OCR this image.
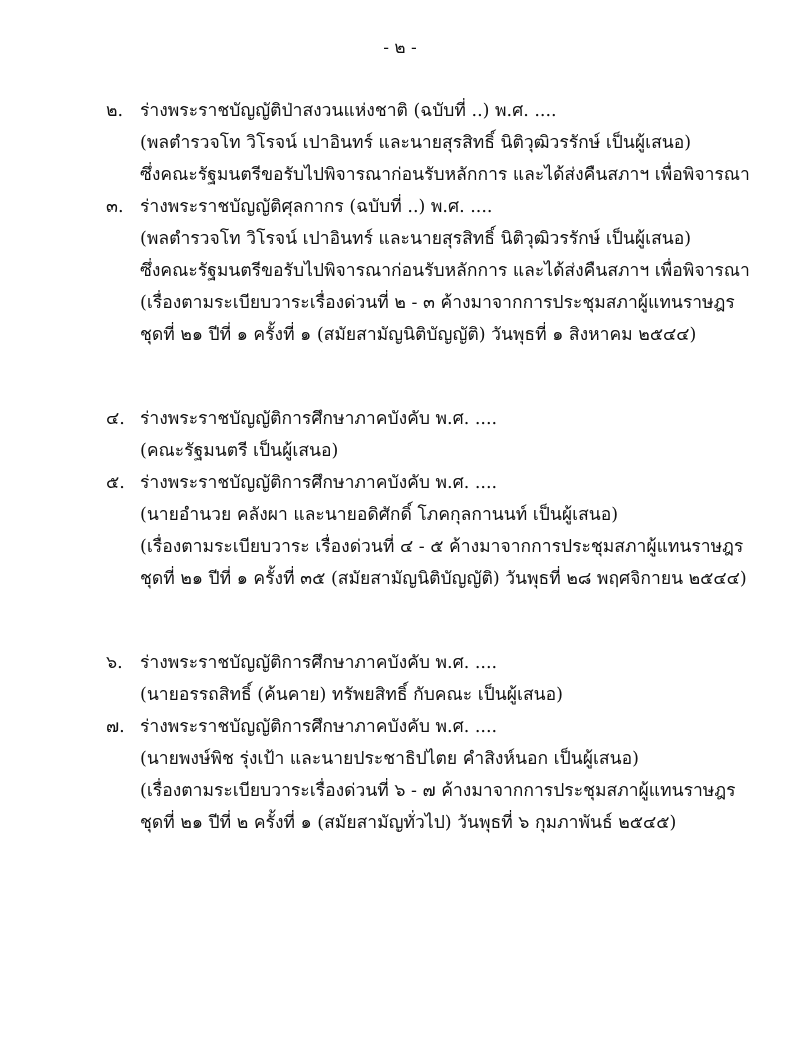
- ๒ -
๒. ร่างพระราชบัญญัติป่าสงวนแห่งชาติ (ฉบับที่ ..) พ.ศ. ....
(พลตำรวจโท วิโรจน์ เปาอินทร์ และนายสุรสิทธิ์ นิติวุฒิวรรักษ์ เป็นผู้เสนอ)
ซึ่งคณะรัฐมนตรีขอรับไปพิจารณาก่อนรับหลักการ และได้ส่งคืนสภาฯ เพื่อพิจารณา
๓. ร่างพระราชบัญญัติศุลกากร (ฉบับที่ ..) พ.ศ. ....
(พลตำรวจโท วิโรจน์ เปาอินทร์ และนายสุรสิทธิ์ นิติวุฒิวรรักษ์ เป็นผู้เสนอ)
ซึ่งคณะรัฐมนตรีขอรับไปพิจารณาก่อนรับหลักการ และได้ส่งคืนสภาฯ เพื่อพิจารณา
(เรื่องตามระเบียบวาระเรื่องด่วนที่ ๒ - ๓ ค้างมาจากการประชุมสภาผู้แทนราษฎร
ชุดที่ ๒๑ ปีที่ ๑ ครั้งที่ ๑ (สมัยสามัญนิติบัญญัติ) วันพุธที่ ๑ สิงหาคม ๒๕๔๔)
๔. ร่างพระราชบัญญัติการศึกษาภาคบังคับ พ.ศ. ....
(คณะรัฐมนตรี เป็นผู้เสนอ)
๕. ร่างพระราชบัญญัติการศึกษาภาคบังคับ พ.ศ. ....
(นายอำนวย คลังผา และนายอดิศักดิ์ โภคกุลกานนท์ เป็นผู้เสนอ)
(เรื่องตามระเบียบวาระ เรื่องด่วนที่ ๔ - ๕ ค้างมาจากการประชุมสภาผู้แทนราษฎร
ชุดที่ ๒๑ ปีที่ ๑ ครั้งที่ ๓๕ (สมัยสามัญนิติบัญญัติ) วันพุธที่ ๒๘ พฤศจิกายน ๒๕๔๔)
๖. ร่างพระราชบัญญัติการศึกษาภาคบังคับ พ.ศ. ....
(นายอรรถสิทธิ์ (ค้นคาย) ทรัพยสิทธิ์ กับคณะ เป็นผู้เสนอ)
๗. ร่างพระราชบัญญัติการศึกษาภาคบังคับ พ.ศ. ....
(นายพงษ์พิช รุ่งเป้า และนายประชาธิปไตย คำสิงห์นอก เป็นผู้เสนอ)
(เรื่องตามระเบียบวาระเรื่องด่วนที่ ๖ - ๗ ค้างมาจากการประชุมสภาผู้แทนราษฎร
ชุดที่ ๒๑ ปีที่ ๒ ครั้งที่ ๑ (สมัยสามัญทั่วไป) วันพุธที่ ๖ กุมภาพันธ์ ๒๕๔๕)
